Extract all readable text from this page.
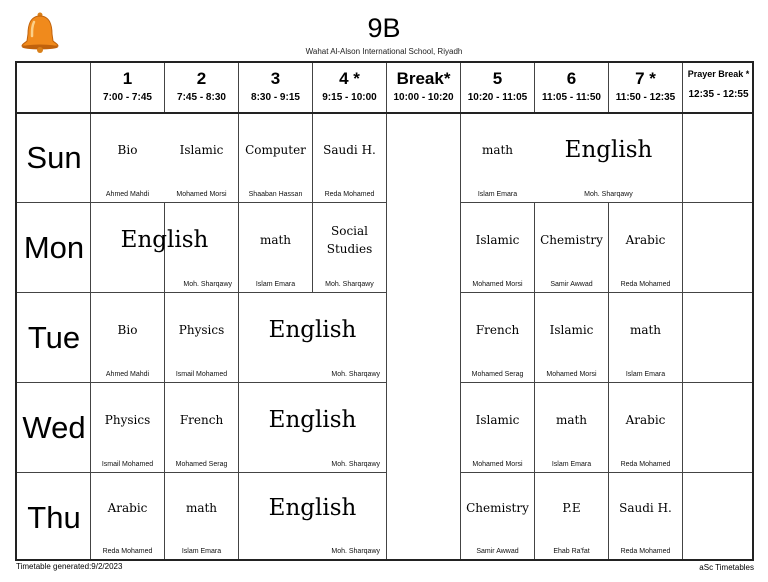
9B
Wahat Al-Alson International School, Riyadh
1
7:00 - 7:45
2
7:45 - 8:30
3
8:30 - 9:15
4 *
9:15 - 10:00
Break*
10:00 - 10:20
5
10:20 - 11:05
6
11:05 - 11:50
7 *
11:50 - 12:35
Prayer Break *
12:35 - 12:55
Sun
Mon
Tue
Wed
Thu
Bio
Ahmed Mahdi
Islamic
Mohamed Morsi
Computer
Shaaban Hassan
Saudi H.
Reda Mohamed
math
Islam Emara
English
Moh. Sharqawy
English
Moh. Sharqawy
math
Islam Emara
Social Studies
Moh. Sharqawy
Islamic
Mohamed Morsi
Chemistry
Samir Awwad
Arabic
Reda Mohamed
Bio
Ahmed Mahdi
Physics
Ismail Mohamed
English
Moh. Sharqawy
French
Mohamed Serag
Islamic
Mohamed Morsi
math
Islam Emara
Physics
Ismail Mohamed
French
Mohamed Serag
English
Moh. Sharqawy
Islamic
Mohamed Morsi
math
Islam Emara
Arabic
Reda Mohamed
Arabic
Reda Mohamed
math
Islam Emara
English
Moh. Sharqawy
Chemistry
Samir Awwad
P.E
Ehab Ra'fat
Saudi H.
Reda Mohamed
Timetable generated:9/2/2023	aSc Timetables
